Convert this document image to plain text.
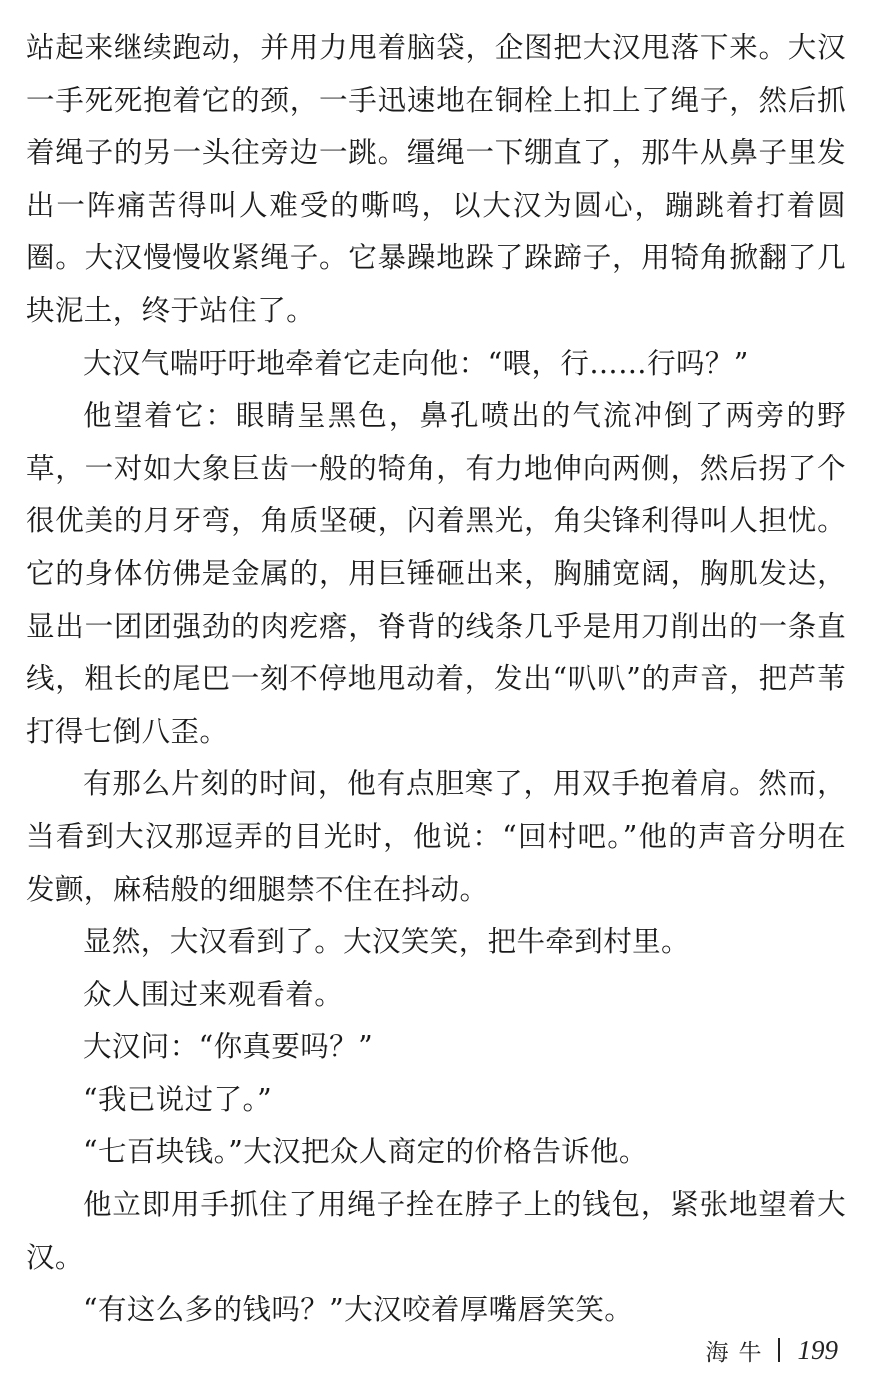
站起来继续跑动，并用力甩着脑袋，企图把大汉甩落下来。大汉一手死死抱着它的颈，一手迅速地在铜栓上扣上了绳子，然后抓着绳子的另一头往旁边一跳。缰绳一下绷直了，那牛从鼻子里发出一阵痛苦得叫人难受的嘶鸣，以大汉为圆心，蹦跳着打着圆圈。大汉慢慢收紧绳子。它暴躁地跺了跺蹄子，用犄角掀翻了几块泥土，终于站住了。

大汉气喘吁吁地牵着它走向他：“喂，行……行吗？”

他望着它：眼睛呈黑色，鼻孔喷出的气流冲倒了两旁的野草，一对如大象巨齿一般的犄角，有力地伸向两侧，然后拐了个很优美的月牙弯，角质坚硬，闪着黑光，角尖锋利得叫人担忧。它的身体仿佛是金属的，用巨锤砸出来，胸脯宽阔，胸肌发达，显出一团团强劲的肉疙瘩，脊背的线条几乎是用刀削出的一条直线，粗长的尾巴一刻不停地甩动着，发出“叭叭”的声音，把芦苇打得七倒八歪。

有那么片刻的时间，他有点胆寒了，用双手抱着肩。然而，当看到大汉那逗弄的目光时，他说：“回村吧。”他的声音分明在发颤，麻秸般的细腿禁不住在抖动。

显然，大汉看到了。大汉笑笑，把牛牵到村里。

众人围过来观看着。

大汉问：“你真要吗？”

“我已说过了。”

“七百块钱。”大汉把众人商定的价格告诉他。

他立即用手抓住了用绳子拴在脖子上的钱包，紧张地望着大汉。

“有这么多的钱吗？”大汉咬着厚嘴唇笑笑。

海牛 199
